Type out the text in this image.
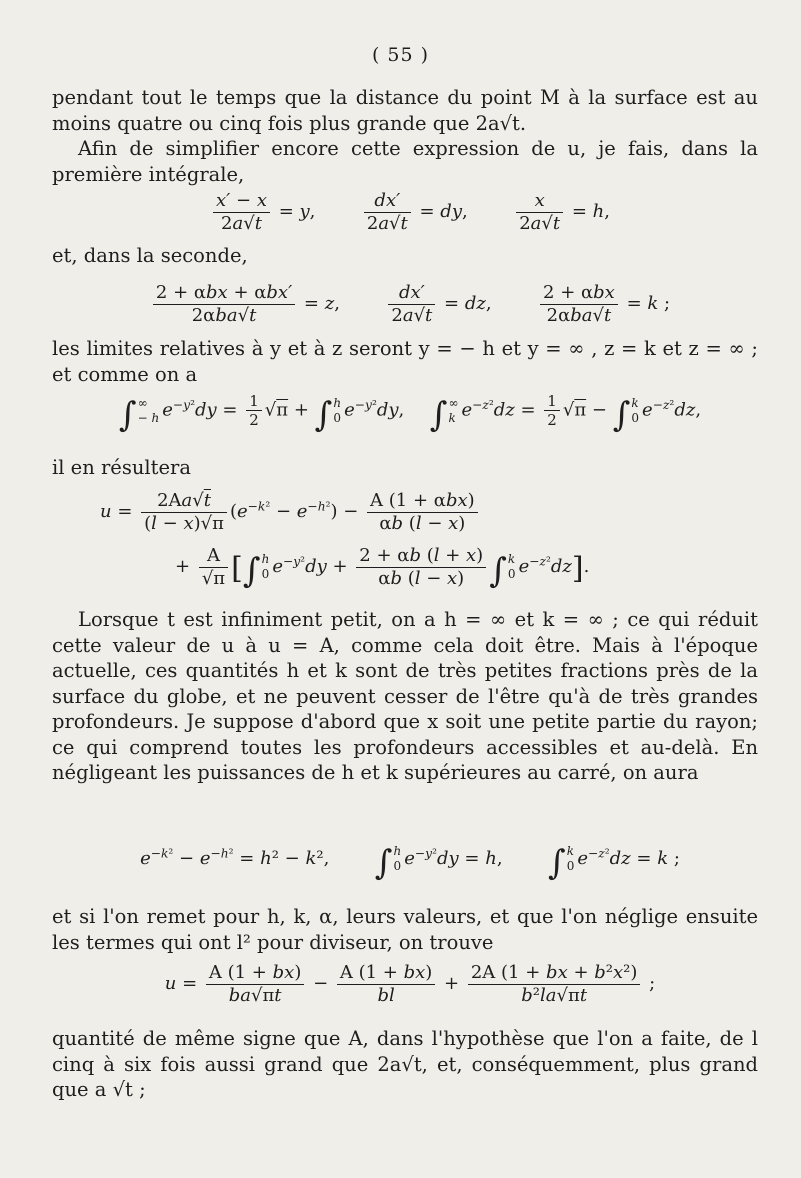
( 55 )

pendant tout le temps que la distance du point M à la surface est au moins quatre ou cinq fois plus grande que 2a√t.

Afin de simplifier encore cette expression de u, je fais, dans la première intégrale,

$\frac{x' - x}{2a√t} = y$, $\frac{dx'}{2a√t}$ = dy, $\frac{x}{2a√t} = h$,

et, dans la seconde,

$\frac{\text{2 + αbx + αbx′}}{\text{2αba√t}} = z$, $\frac{dx'}{2a√t}$ = dz, $\frac{\text{2 + αbx}}{\text{2αba√t}} = k$ ;

les limites relatives à y et à z seront y = − h et y = ∞ , z = k et z = ∞ ; et comme on a

∫ ∞
− h $e^{-y^2}dy = \frac{1}{2} √\pi$ + ∫ h
0 $e^{-y^2}dy$,  ∫ ∞
k $e^{-z^2}dz = \frac{1}{2} √\pi$ − ∫ k
0 $e^{-z^2}dz$,

il en résultera

$u = \frac{2Aa√t}{(l - x)√\pi} (e^{-k^2} - e^{-h^2}) - \frac{\text{A (1 + αbx)}}{\alpha b (l - x)}$
+ $\frac{A}{√\pi}$ [∫ h
0 $e^{-y^2}dy + \frac{2 + \alpha b (l + x)}{\alpha b (l - x)}$ ∫ k
0 $e^{-z^2}dz$].

Lorsque t est infiniment petit, on a h = ∞ et k = ∞ ; ce qui réduit cette valeur de u à u = A, comme cela doit être. Mais à l'époque actuelle, ces quantités h et k sont de très petites fractions près de la surface du globe, et ne peuvent cesser de l'être qu'à de très grandes profondeurs. Je suppose d'abord que x soit une petite partie du rayon; ce qui comprend toutes les profondeurs accessibles et au-delà. En négligeant les puissances de h et k supérieures au carré, on aura

$e^{-k^2} - e^{-h^2} = h^2 - k^2$,  ∫ h
0 $e^{-y^2}dy = h$,  ∫ k
0 $e^{-z^2}dz = k$ ;

et si l'on remet pour h, k, α, leurs valeurs, et que l'on néglige ensuite les termes qui ont l² pour diviseur, on trouve

$u = \frac{A (1 + bx)}{ba√\pi t} - \frac{A (1 + bx)}{bl} + \frac{\text{2A (1 + bx + b²x²)}}{\text{b²la√πt}}$ ;

quantité de même signe que A, dans l'hypothèse que l'on a faite, de l cinq à six fois aussi grand que 2a√t, et, conséquemment, plus grand que a √t ;
